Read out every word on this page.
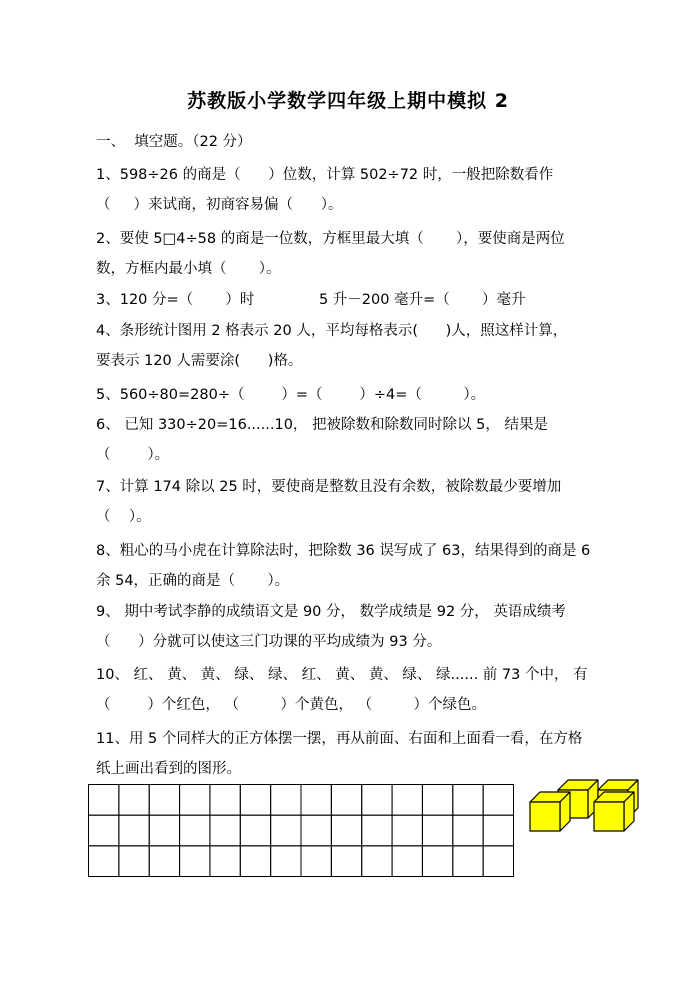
苏教版小学数学四年级上期中模拟 2
一、  填空题。（22 分）
1、598÷26 的商是（      ）位数，计算 502÷72 时，一般把除数看作
（     ）来试商，初商容易偏（      ）。
2、要使 5□4÷58 的商是一位数，方框里最大填（       ），要使商是两位
数，方框内最小填（       ）。
3、120 分=（       ）时              5 升－200 毫升=（       ）毫升
4、条形统计图用 2 格表示 20 人，平均每格表示(      )人，照这样计算，
要表示 120 人需要涂(      )格。
5、560÷80=280÷（        ）=（        ）÷4=（         ）。
6、 已知 330÷20=16......10， 把被除数和除数同时除以 5， 结果是
（        ）。
7、计算 174 除以 25 时，要使商是整数且没有余数，被除数最少要增加
（    ）。
8、粗心的马小虎在计算除法时，把除数 36 误写成了 63，结果得到的商是 6
余 54，正确的商是（       ）。
9、 期中考试李静的成绩语文是 90 分， 数学成绩是 92 分， 英语成绩考
（      ）分就可以使这三门功课的平均成绩为 93 分。
10、 红、 黄、 黄、 绿、 绿、 红、 黄、 黄、 绿、 绿...... 前 73 个中， 有
（        ）个红色， （         ）个黄色， （         ）个绿色。
11、用 5 个同样大的正方体摆一摆，再从前面、右面和上面看一看，在方格
纸上画出看到的图形。
